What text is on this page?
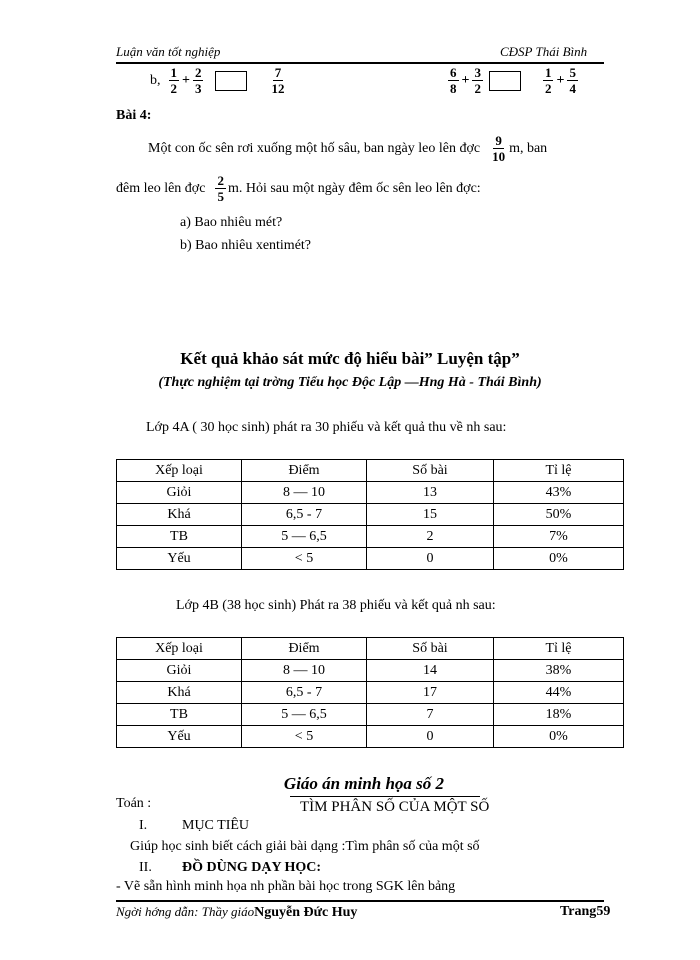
Luận văn tốt nghiệp	CĐSP Thái Bình
b, $\frac{1}{2} + \frac{2}{3}$	$\frac{7}{12}$	$\frac{6}{8} + \frac{3}{2}$	$\frac{1}{2} + \frac{5}{4}$
Bài 4:
Một con ốc sên rơi xuống một hố sâu, ban ngày leo lên đợc $\frac{9}{10} m$, ban
đêm leo lên đợc $\frac{2}{5} m$. Hỏi sau một ngày đêm ốc sên leo lên đợc:
a) Bao nhiêu mét?
b) Bao nhiêu xentimét?
Kết quả khảo sát mức độ hiểu bài” Luyện tập”
(Thực nghiệm tại trờng Tiểu học Độc Lập —Hng Hà - Thái Bình)
Lớp 4A ( 30 học sinh) phát ra 30 phiếu và kết quả thu về nh sau:
Xếp loại	Điểm	Số bài	Tỉ lệ
Giỏi	8 — 10	13	43%
Khá	6,5 - 7	15	50%
TB	5 — 6,5	2	7%
Yếu	< 5	0	0%
Lớp 4B (38 học sinh) Phát ra 38 phiếu và kết quả nh sau:
Xếp loại	Điểm	Số bài	Tỉ lệ
Giỏi	8 — 10	14	38%
Khá	6,5 - 7	17	44%
TB	5 — 6,5	7	18%
Yếu	< 5	0	0%
Giáo án minh họa số 2
Toán :	TÌM PHÂN SỐ CỦA MỘT SỐ
I. MỤC TIÊU
Giúp học sinh biết cách giải bài dạng :Tìm phân số của một số
II. ĐỒ DÙNG DẠY HỌC:
- Vẽ sẵn hình minh họa nh phần bài học trong SGK lên bảng
Ngời hớng dẫn: Thầy giáo Nguyễn Đức Huy	Trang59
